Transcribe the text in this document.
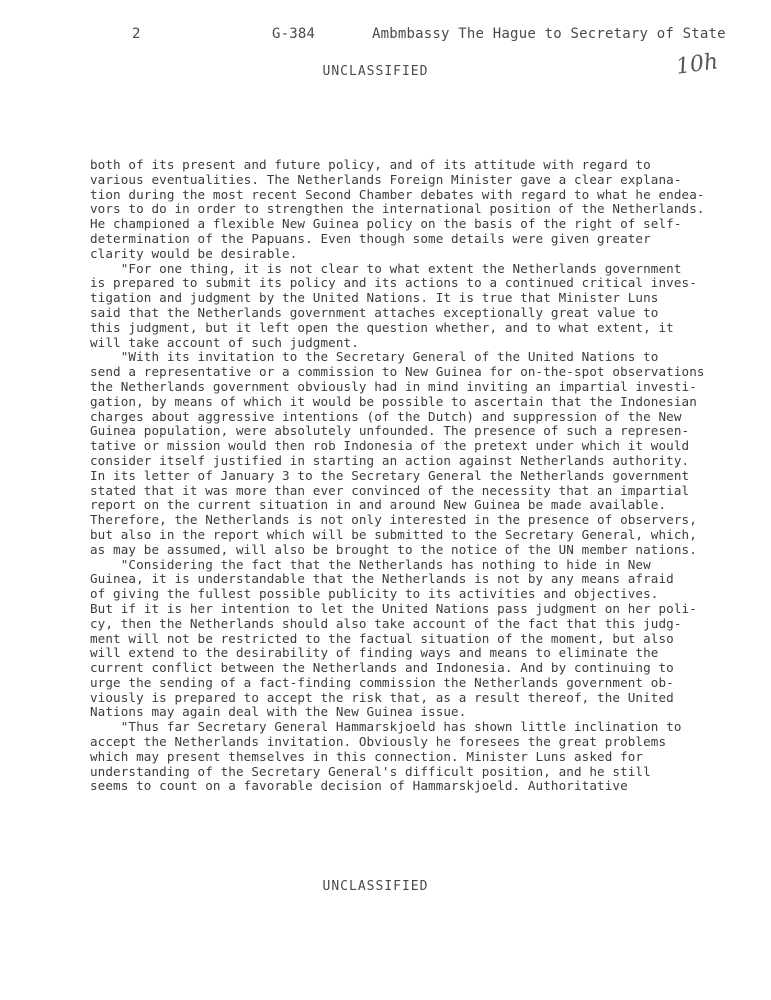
2	G-384	Ambmbassy The Hague to Secretary of State
10h
UNCLASSIFIED
both of its present and future policy, and of its attitude with regard to
various eventualities. The Netherlands Foreign Minister gave a clear explana-
tion during the most recent Second Chamber debates with regard to what he endea-
vors to do in order to strengthen the international position of the Netherlands.
He championed a flexible New Guinea policy on the basis of the right of self-
determination of the Papuans. Even though some details were given greater
clarity would be desirable.
"For one thing, it is not clear to what extent the Netherlands government
is prepared to submit its policy and its actions to a continued critical inves-
tigation and judgment by the United Nations. It is true that Minister Luns
said that the Netherlands government attaches exceptionally great value to
this judgment, but it left open the question whether, and to what extent, it
will take account of such judgment.
"With its invitation to the Secretary General of the United Nations to
send a representative or a commission to New Guinea for on-the-spot observations
the Netherlands government obviously had in mind inviting an impartial investi-
gation, by means of which it would be possible to ascertain that the Indonesian
charges about aggressive intentions (of the Dutch) and suppression of the New
Guinea population, were absolutely unfounded. The presence of such a represen-
tative or mission would then rob Indonesia of the pretext under which it would
consider itself justified in starting an action against Netherlands authority.
In its letter of January 3 to the Secretary General the Netherlands government
stated that it was more than ever convinced of the necessity that an impartial
report on the current situation in and around New Guinea be made available.
Therefore, the Netherlands is not only interested in the presence of observers,
but also in the report which will be submitted to the Secretary General, which,
as may be assumed, will also be brought to the notice of the UN member nations.
"Considering the fact that the Netherlands has nothing to hide in New
Guinea, it is understandable that the Netherlands is not by any means afraid
of giving the fullest possible publicity to its activities and objectives.
But if it is her intention to let the United Nations pass judgment on her poli-
cy, then the Netherlands should also take account of the fact that this judg-
ment will not be restricted to the factual situation of the moment, but also
will extend to the desirability of finding ways and means to eliminate the
current conflict between the Netherlands and Indonesia. And by continuing to
urge the sending of a fact-finding commission the Netherlands government ob-
viously is prepared to accept the risk that, as a result thereof, the United
Nations may again deal with the New Guinea issue.
"Thus far Secretary General Hammarskjoeld has shown little inclination to
accept the Netherlands invitation. Obviously he foresees the great problems
which may present themselves in this connection. Minister Luns asked for
understanding of the Secretary General's difficult position, and he still
seems to count on a favorable decision of Hammarskjoeld. Authoritative
UNCLASSIFIED
